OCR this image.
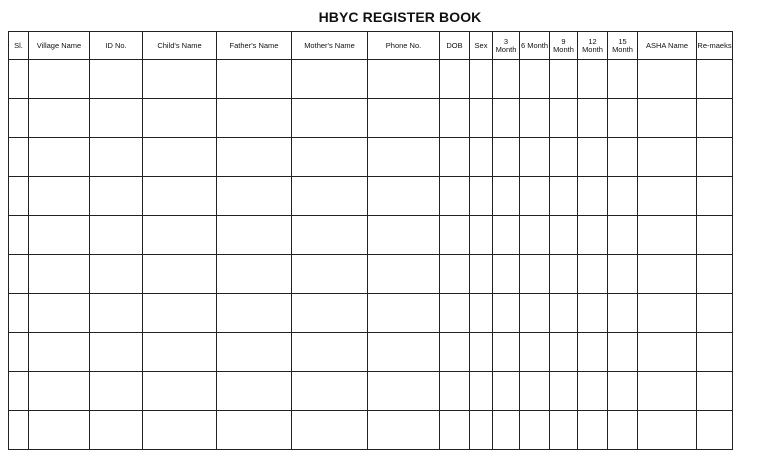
HBYC REGISTER BOOK
Sl.	Village Name	ID No.	Child's Name	Father's Name	Mother's Name	Phone No.	DOB	Sex	3 Month	6 Month	9 Month	12 Month	15 Month	ASHA Name	Re-maeks
